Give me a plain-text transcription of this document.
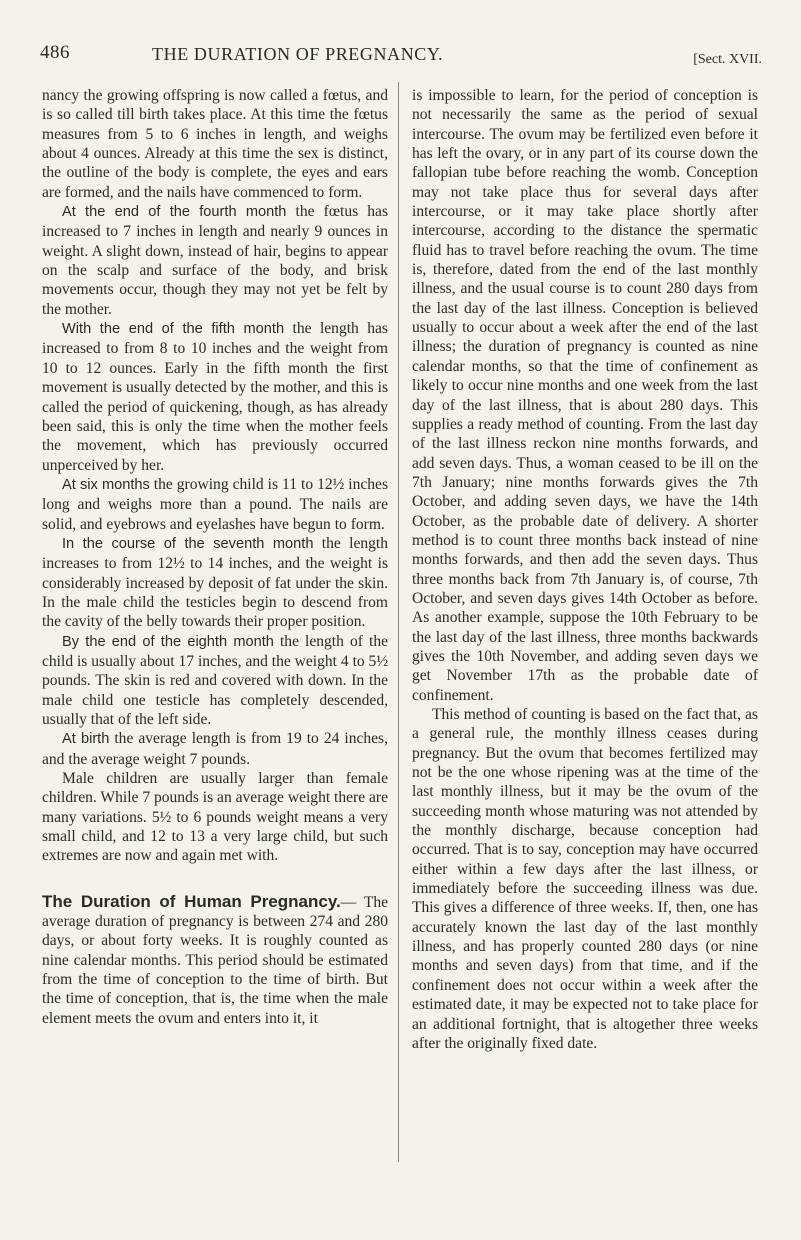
486	THE DURATION OF PREGNANCY.	[Sect. XVII.

nancy the growing offspring is now called a fœtus, and is so called till birth takes place. At this time the fœtus measures from 5 to 6 inches in length, and weighs about 4 ounces. Already at this time the sex is distinct, the outline of the body is complete, the eyes and ears are formed, and the nails have commenced to form.

At the end of the fourth month the fœtus has increased to 7 inches in length and nearly 9 ounces in weight. A slight down, instead of hair, begins to appear on the scalp and surface of the body, and brisk movements occur, though they may not yet be felt by the mother.

With the end of the fifth month the length has increased to from 8 to 10 inches and the weight from 10 to 12 ounces. Early in the fifth month the first movement is usually detected by the mother, and this is called the period of quickening, though, as has already been said, this is only the time when the mother feels the movement, which has previously occurred unperceived by her.

At six months the growing child is 11 to 12½ inches long and weighs more than a pound. The nails are solid, and eyebrows and eyelashes have begun to form.

In the course of the seventh month the length increases to from 12½ to 14 inches, and the weight is considerably increased by deposit of fat under the skin. In the male child the testicles begin to descend from the cavity of the belly towards their proper position.

By the end of the eighth month the length of the child is usually about 17 inches, and the weight 4 to 5½ pounds. The skin is red and covered with down. In the male child one testicle has completely descended, usually that of the left side.

At birth the average length is from 19 to 24 inches, and the average weight 7 pounds.

Male children are usually larger than female children. While 7 pounds is an average weight there are many variations. 5½ to 6 pounds weight means a very small child, and 12 to 13 a very large child, but such extremes are now and again met with.

The Duration of Human Pregnancy.— The average duration of pregnancy is between 274 and 280 days, or about forty weeks. It is roughly counted as nine calendar months. This period should be estimated from the time of conception to the time of birth. But the time of conception, that is, the time when the male element meets the ovum and enters into it, it

is impossible to learn, for the period of conception is not necessarily the same as the period of sexual intercourse. The ovum may be fertilized even before it has left the ovary, or in any part of its course down the fallopian tube before reaching the womb. Conception may not take place thus for several days after intercourse, or it may take place shortly after intercourse, according to the distance the spermatic fluid has to travel before reaching the ovum. The time is, therefore, dated from the end of the last monthly illness, and the usual course is to count 280 days from the last day of the last illness. Conception is believed usually to occur about a week after the end of the last illness; the duration of pregnancy is counted as nine calendar months, so that the time of confinement as likely to occur nine months and one week from the last day of the last illness, that is about 280 days. This supplies a ready method of counting. From the last day of the last illness reckon nine months forwards, and add seven days. Thus, a woman ceased to be ill on the 7th January; nine months forwards gives the 7th October, and adding seven days, we have the 14th October, as the probable date of delivery. A shorter method is to count three months back instead of nine months forwards, and then add the seven days. Thus three months back from 7th January is, of course, 7th October, and seven days gives 14th October as before. As another example, suppose the 10th February to be the last day of the last illness, three months backwards gives the 10th November, and adding seven days we get November 17th as the probable date of confinement.

This method of counting is based on the fact that, as a general rule, the monthly illness ceases during pregnancy. But the ovum that becomes fertilized may not be the one whose ripening was at the time of the last monthly illness, but it may be the ovum of the succeeding month whose maturing was not attended by the monthly discharge, because conception had occurred. That is to say, conception may have occurred either within a few days after the last illness, or immediately before the succeeding illness was due. This gives a difference of three weeks. If, then, one has accurately known the last day of the last monthly illness, and has properly counted 280 days (or nine months and seven days) from that time, and if the confinement does not occur within a week after the estimated date, it may be expected not to take place for an additional fortnight, that is altogether three weeks after the originally fixed date.
